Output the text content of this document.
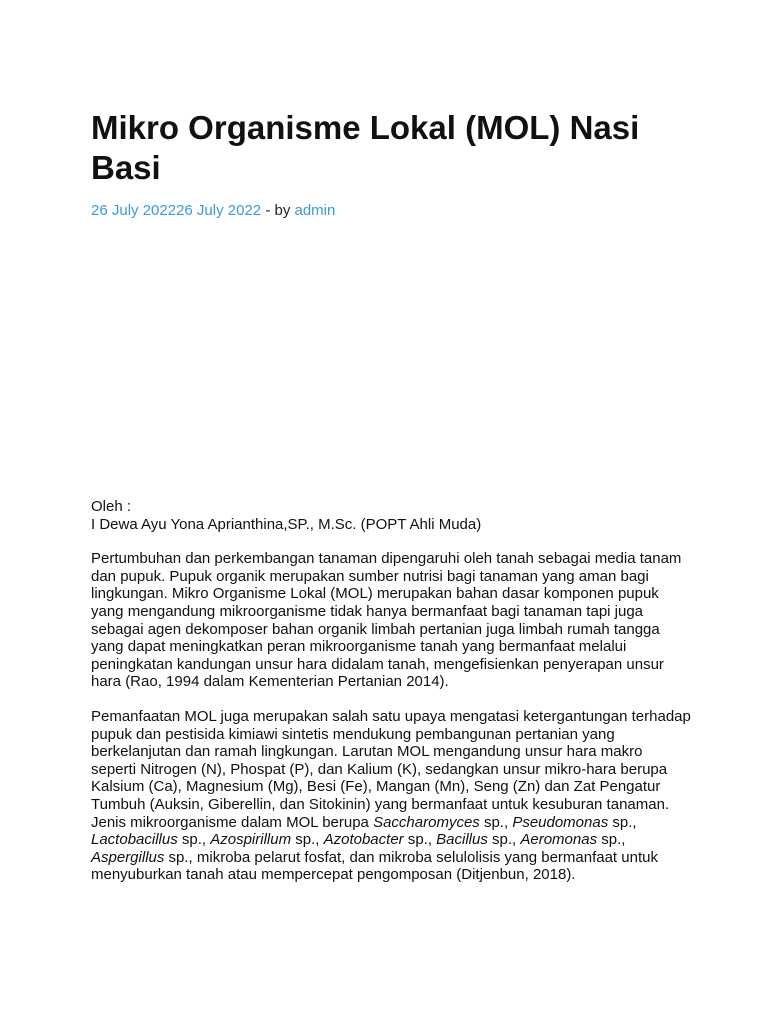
Mikro Organisme Lokal (MOL) Nasi Basi
26 July 202226 July 2022 - by admin

Oleh :
I Dewa Ayu Yona Aprianthina,SP., M.Sc. (POPT Ahli Muda)

Pertumbuhan dan perkembangan tanaman dipengaruhi oleh tanah sebagai media tanam dan pupuk. Pupuk organik merupakan sumber nutrisi bagi tanaman yang aman bagi lingkungan. Mikro Organisme Lokal (MOL) merupakan bahan dasar komponen pupuk yang mengandung mikroorganisme tidak hanya bermanfaat bagi tanaman tapi juga sebagai agen dekomposer bahan organik limbah pertanian juga limbah rumah tangga yang dapat meningkatkan peran mikroorganisme tanah yang bermanfaat melalui peningkatan kandungan unsur hara didalam tanah, mengefisienkan penyerapan unsur hara (Rao, 1994 dalam Kementerian Pertanian 2014).

Pemanfaatan MOL juga merupakan salah satu upaya mengatasi ketergantungan terhadap pupuk dan pestisida kimiawi sintetis mendukung pembangunan pertanian yang berkelanjutan dan ramah lingkungan. Larutan MOL mengandung unsur hara makro seperti Nitrogen (N), Phospat (P), dan Kalium (K), sedangkan unsur mikro-hara berupa Kalsium (Ca), Magnesium (Mg), Besi (Fe), Mangan (Mn), Seng (Zn) dan Zat Pengatur Tumbuh (Auksin, Giberellin, dan Sitokinin) yang bermanfaat untuk kesuburan tanaman. Jenis mikroorganisme dalam MOL berupa Saccharomyces sp., Pseudomonas sp., Lactobacillus sp., Azospirillum sp., Azotobacter sp., Bacillus sp., Aeromonas sp., Aspergillus sp., mikroba pelarut fosfat, dan mikroba selulolisis yang bermanfaat untuk menyuburkan tanah atau mempercepat pengomposan (Ditjenbun, 2018).
